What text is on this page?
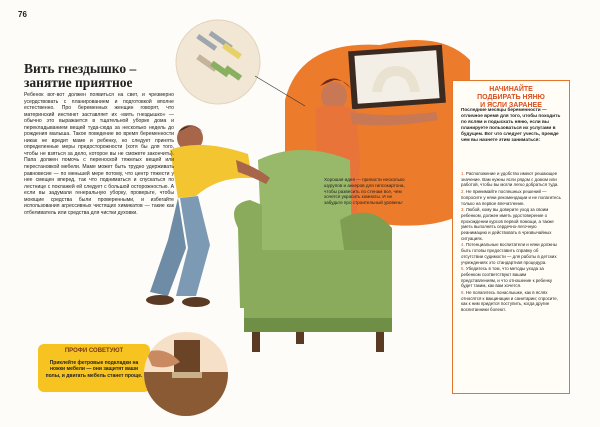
76
Вить гнездышко –
занятие приятное
Ребенок вот-вот должен появиться на свет, и чрезмерно усердствовать с планированием и подготовкой вполне естественно. Про беременных женщин говорят, что материнский инстинкт заставляет их «вить гнездышко» — обычно это выражается в тщательной уборке дома и перекладыванием вещей туда-сюда за несколько недель до рождения малыша. Такое поведение во время беременности никак не вредит маме и ребенку, но следует принять определенные меры предосторожности (хотя бы для того, чтобы не взяться за дело, которое вы не сможете закончить). Папа должен помочь с переноской тяжелых вещей или перестановкой мебели. Маме может быть трудно удерживать равновесие — по меньшей мере потому, что центр тяжести у нее смещен вперед, так что подниматься и спускаться по лестнице с поклажей ей следует с большой осторожностью. А если вы задумали генеральную уборку, проверьте, чтобы моющие средства были проверенными, и избегайте использования агрессивных чистящих химикатов — такие как отбеливатель или средства для чистки духовки.
Хорошая идея — припасти несколько шурупов и анкеров для гипсокартона, чтобы развесить по стенам все, чем хочется украсить комнаты. И не забудьте про строительный уровень!
НАЧИНАЙТЕ
ПОДБИРАТЬ НЯНЮ
И ЯСЛИ ЗАРАНЕЕ
Последние месяцы беременности — отличное время для того, чтобы походить по яслям и подыскать няню, если вы планируете пользоваться их услугами в будущем. Вот что следует учесть, прежде чем вы начнете этим заниматься:
1. Расположение и удобство имеют решающее значение. Вам нужны ясли рядом с домом или работой, чтобы вы могли легко добраться туда.
2. Не принимайте поспешных решений — попросите у няни рекомендации и не полагитесь только на первое впечатление.
3. Любой, кому вы доверите уход за своим ребенком, должен иметь удостоверение о прохождении курсов первой помощи, а также уметь выполнять сердечно-легочную реанимацию и действовать в чрезвычайных ситуациях.
4. Потенциальные воспитатели и няни должны быть готовы предоставить справку об отсутствии судимости — для работы в детских учреждениях это стандартная процедура.
5. Убедитесь в том, что методы ухода за ребенком соответствуют вашим представлениям, и что отношение к ребенку будет таким, как вам хочется.
6. Не полагитесь понаслышке, как в яслях относятся к вакцинации и санитарии; спросите, как к ним придется поступить, когда другие воспитанники болеют.
ПРОФИ СОВЕТУЮТ
Приклейте фетровые подкладки на ножки мебели — они защитят ваши полы, и двигать мебель станет проще.
